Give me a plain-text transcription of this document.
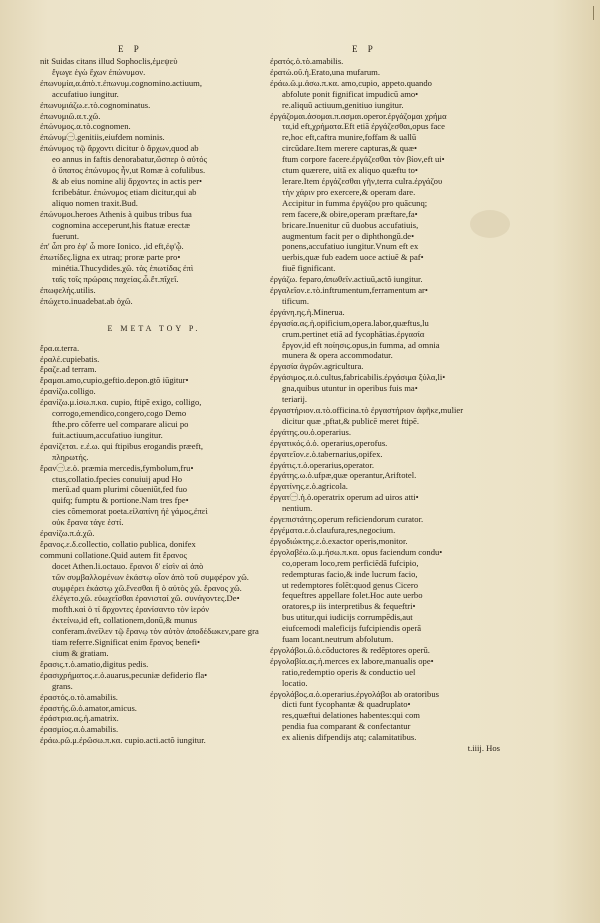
E P	E P
nit Suidas citans illud Sophoclis,ἐμεψεὺ
ἔγωγε ἐγὼ ἔχων ἐπώνυμον.
ἐπωνυμία,α.ἀπὸ.τ.ἐπωνυμ.cognomino.actiuum,
accufatiuo iungitur.
ἐπωνυμιάζω.ε.τὸ.cognominatus.
ἐπωνυμιῶ.α.τ.χῶ.
* ἐπώνυμος.α.τὸ.cognomen.
ἐπώνυμ㊀.genitiis,eiufdem nominis.
* ἐπώνυμος τῷ ἄρχοντι dicitur ὁ ἄρχων,quod ab
eo annus in faftis denorabatur,ὥσπερ ὁ αὐτός
ὁ ὕπατος ἐπώνυμος ἦν,ut Romæ à cofulibus.
& ab eius nomine alij ἄρχοντες in actis per•
fcribebátur. ἐπώνυμος etiam dicitur,qui ab
aliquo nomen traxit.Bud.
ἐπώνυμοι.heroes Athenis à quibus tribus fua
cognomina acceperunt,his ftatuæ erectæ
fuerunt.
* ἐπ' ὧπ pro ἐφ' ὧ more Ionico. ,id eft,ἐφ'ᾧ.
ἐπωτίδες.ligna ex utraq; proræ parte pro•
minétia.Thucydides.χῶ. τὰς ἐπωτίδας ἐπὶ
ταῖς τοῖς πρώραις παχείας.ὧ.ἔτ.πῖχεῖ.
* ἐπωφελής.utilis.
ἐπώχετο.inuadebat.ab ὀχῶ.
E META TOY P.
ἔρα.α.terra.
ἐραλέ.cupiebatis.
ἔραζε.ad terram.
ἔραμαι.amo,cupio,geftio.depon.gtõ iūgitur•
* ἐρανίζω.colligo.
* ἐρανίζω.μ.ἰσω.π.κα. cupio, ftipē exigo, colligo,
corrogo,emendico,congero,cogo Demo
fthe.pro cõferre uel comparare alicui po
fuit.actiuum,accufatiuo iungitur.
ἐρανίζεται. ε.ἐ.ω. qui ftipibus erogandis præeft,
πληρωτής.
ἔραν㊀.ε.ὁ. præmia mercedis,fymbolum,fru•
ctus,collatio.fpecies conuiuij apud Ho
merū.ad quam plurimi cõueniūt,fed fuo
quifq; fumptu & portione.Nam tres fpe•
cies cõmemorat poeta.εἰλαπίνη ἠὲ γάμος,ἐπεὶ
οὐκ ἔρανα τάγε ἐστί.
ἐρανίζω.π.ἀ.χῶ.
ἔρανος.ε.δ.collectio, collatio publica, donifex
* communi collatione.Quid autem fit ἔρανος
docet Athen.li.octauo. ἔρανοι δ' εἰσὶν αἱ ἀπὸ
τῶν συμβαλλομένων ἑκάστῳ οἷον ἀπὸ τοῦ συμφέρον χῶ.
συμφέρει ἐκάστῳ χῶ.ἔνεσθαι ἢ ὁ αὐτὸς χῶ. ἔρανος χῶ.
ἐλέγετο.χῶ. εὐωχεῖσθαι ἐρανισταί χῶ. συνάγοντες.De•
mofth.καὶ ὁ τί ἄρχοντες ἐρανίσαντο τὸν ἱερόν
ἐκτείνω,id eft, collationem,donū,& munus
conferam.ἀνεῖλεν τῷ ἔρανῳ τὸν αὐτὸν ἀποδέδωκεν,pare gra
tiam referre.Significat enim ἔρανος benefi•
cium & gratiam.
ἔρασις.τ.ὁ.amatio,digitus pedis.
ἐρασιχρήματος.ε.ὁ.auarus,pecuniæ defiderio fla•
grans.
ἐραστός.ο.τὸ.amabilis.
ἐραστής.ῶ.ὁ.amator,amicus.
ἐράστρια.ας.ἡ.amatrix.
ἐρασμίος.α.ὁ.amabilis.
ἐράω.ρῶ.μ.ἐρῶσω.π.κα. cupio.acti.actõ iungitur.
ἐρατός.ὁ.τὸ.amabilis.
ἐρατώ.οῦ.ἡ.Erato,una mufarum.
* ἐράω.ῶ.μ.ἀσω.π.κα. amo,cupio, appeto.quando
abfolute ponit fignificat impudicū amo•
re.aliquū actiuum,genitiuo iungitur.
* ἐργάζομαι.ἀσομαι.π.ασμαι.operor.ἐργάζομαι χρήμα
τα,id eft,χρήματα.Eft etiā ἐργάζεσθαι,opus face
re,hoc eft,caftra munire,foffam & uallū
circūdare.Item merere capturas,& quæ•
ftum corpore facere.ἐργάζεσθαι τὸν βίον,eft ui•
ctum quærere, uitā ex aliquo quæftu to•
lerare.Item ἐργάζεσθαι γῆν,terra culra.ἐργάζου
τὴν χάριν pro exercere,& operam dare.
Accipitur in fumma ἐργάζου pro quācunq;
rem facere,& obire,operam præftare,fa•
bricare.Inuenitur cū duobus accufatiuis,
augmentum facit per o diphthongū.de•
ponens,accufatiuo iungitur.Vnum eft ex
uerbis,quæ fub eadem uoce actiuē & paf•
fiuē fignificant.
ἐργάζω. feparo,ἀπωθεῖν.actiuū,actõ iungitur.
ἐργαλεῖον.ε.τὸ.inftrumentum,ferramentum ar•
tificum.
ἐργάνη.ης.ἡ.Minerua.
* ἐργασία.ας.ἡ.opificium,opera.labor,quæftus,lu
crum.pertinet etiā ad fycophātias.ἐργασία
ἔργον,id eft ποίησις.opus,in fumma, ad omnia
munera & opera accommodatur.
* ἐργασία ἀγρῶν.agricultura.
* ἐργάσιμος.α.ὁ.cultus,fabricabilis.ἐργάσιμα ξύλα,li•
gna,quibus utuntur in operibus fuis ma•
teriarij.
* ἐργαστήριον.α.τὸ.officina.τὸ ἐργαστήριον ἀφῆκε,mulier
dicitur quæ ,pftat,& publicē meret ftipē.
* ἐργάτης.ου.ὁ.operarius.
ἐργατικός.ὀ.ὁ. operarius,operofus.
ἐργατεῖον.ε.ὁ.tabernarius,opifex.
ἐργάτις.τ.ὁ.operarius,operator.
* ἐργάτης.ω.ὁ.ufpæ,quæ operantur,Ariftotel.
ἐργατίνης.ε.ὁ.agricola.
ἐργατ㊀.ἡ.ὁ.operatrix operum ad uiros atti•
nentium.
* ἐργεπιστάτης.operum reficiendorum curator.
ἐργέματα.ε.ὁ.claufura,res,negocium.
ἐργοδιώκτης.ε.ὁ.exactor operis,monitor.
* ἐργολαβέω.ῶ.μ.ήσω.π.κα. opus faciendum condu•
co,operam loco,rem perficiēdā fufcipio,
redempturas facio,& inde lucrum facio,
ut redemptores folēt:quod genus Cicero
fequeftres appellare folet.Hoc aute uerbo
oratores,p iis interpretibus & fequeftri•
bus utitur,qui iudicijs corrumpēdis,aut
eiufcemodi maleficijs fufcipiendis operā
fuam locant.neutrum abfolutum.
* ἐργολάβοι.ῶ.ὁ.cōductores & redēptores operū.
ἐργολαβία.ας.ἡ.merces ex labore,manualis ope•
ratio,redemptio operis & conductio uel
* locatio.
* ἐργολάβος.α.ὁ.operarius.ἐργολάβοι ab oratoribus
dicti funt fycophantæ & quadruplato•
res,quæftui delationes habentes:qui com
pendia fua comparant & confectantur
ex alienis difpendijs atq; calamitatibus.
t.iiij. Hos
